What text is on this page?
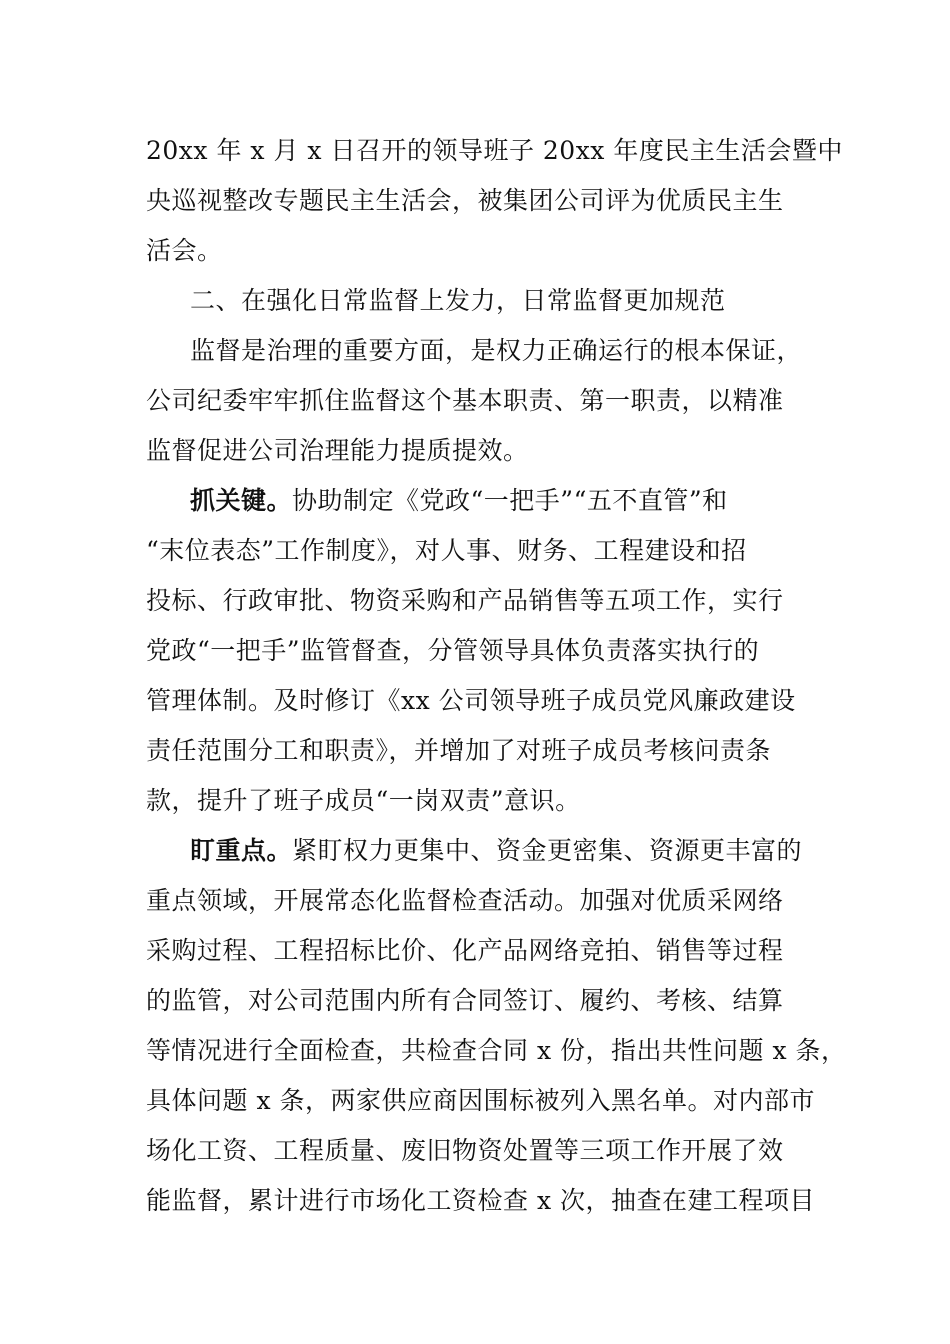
20xx 年 x 月 x 日召开的领导班子 20xx 年度民主生活会暨中
央巡视整改专题民主生活会，被集团公司评为优质民主生
活会。
二、在强化日常监督上发力，日常监督更加规范
监督是治理的重要方面，是权力正确运行的根本保证，
公司纪委牢牢抓住监督这个基本职责、第一职责，以精准
监督促进公司治理能力提质提效。
抓关键。协助制定《党政“一把手”“五不直管”和
“末位表态”工作制度》，对人事、财务、工程建设和招
投标、行政审批、物资采购和产品销售等五项工作，实行
党政“一把手”监管督查，分管领导具体负责落实执行的
管理体制。及时修订《xx 公司领导班子成员党风廉政建设
责任范围分工和职责》，并增加了对班子成员考核问责条
款，提升了班子成员“一岗双责”意识。
盯重点。紧盯权力更集中、资金更密集、资源更丰富的
重点领域，开展常态化监督检查活动。加强对优质采网络
采购过程、工程招标比价、化产品网络竞拍、销售等过程
的监管，对公司范围内所有合同签订、履约、考核、结算
等情况进行全面检查，共检查合同 x 份，指出共性问题 x 条，
具体问题 x 条，两家供应商因围标被列入黑名单。对内部市
场化工资、工程质量、废旧物资处置等三项工作开展了效
能监督，累计进行市场化工资检查 x 次，抽查在建工程项目
